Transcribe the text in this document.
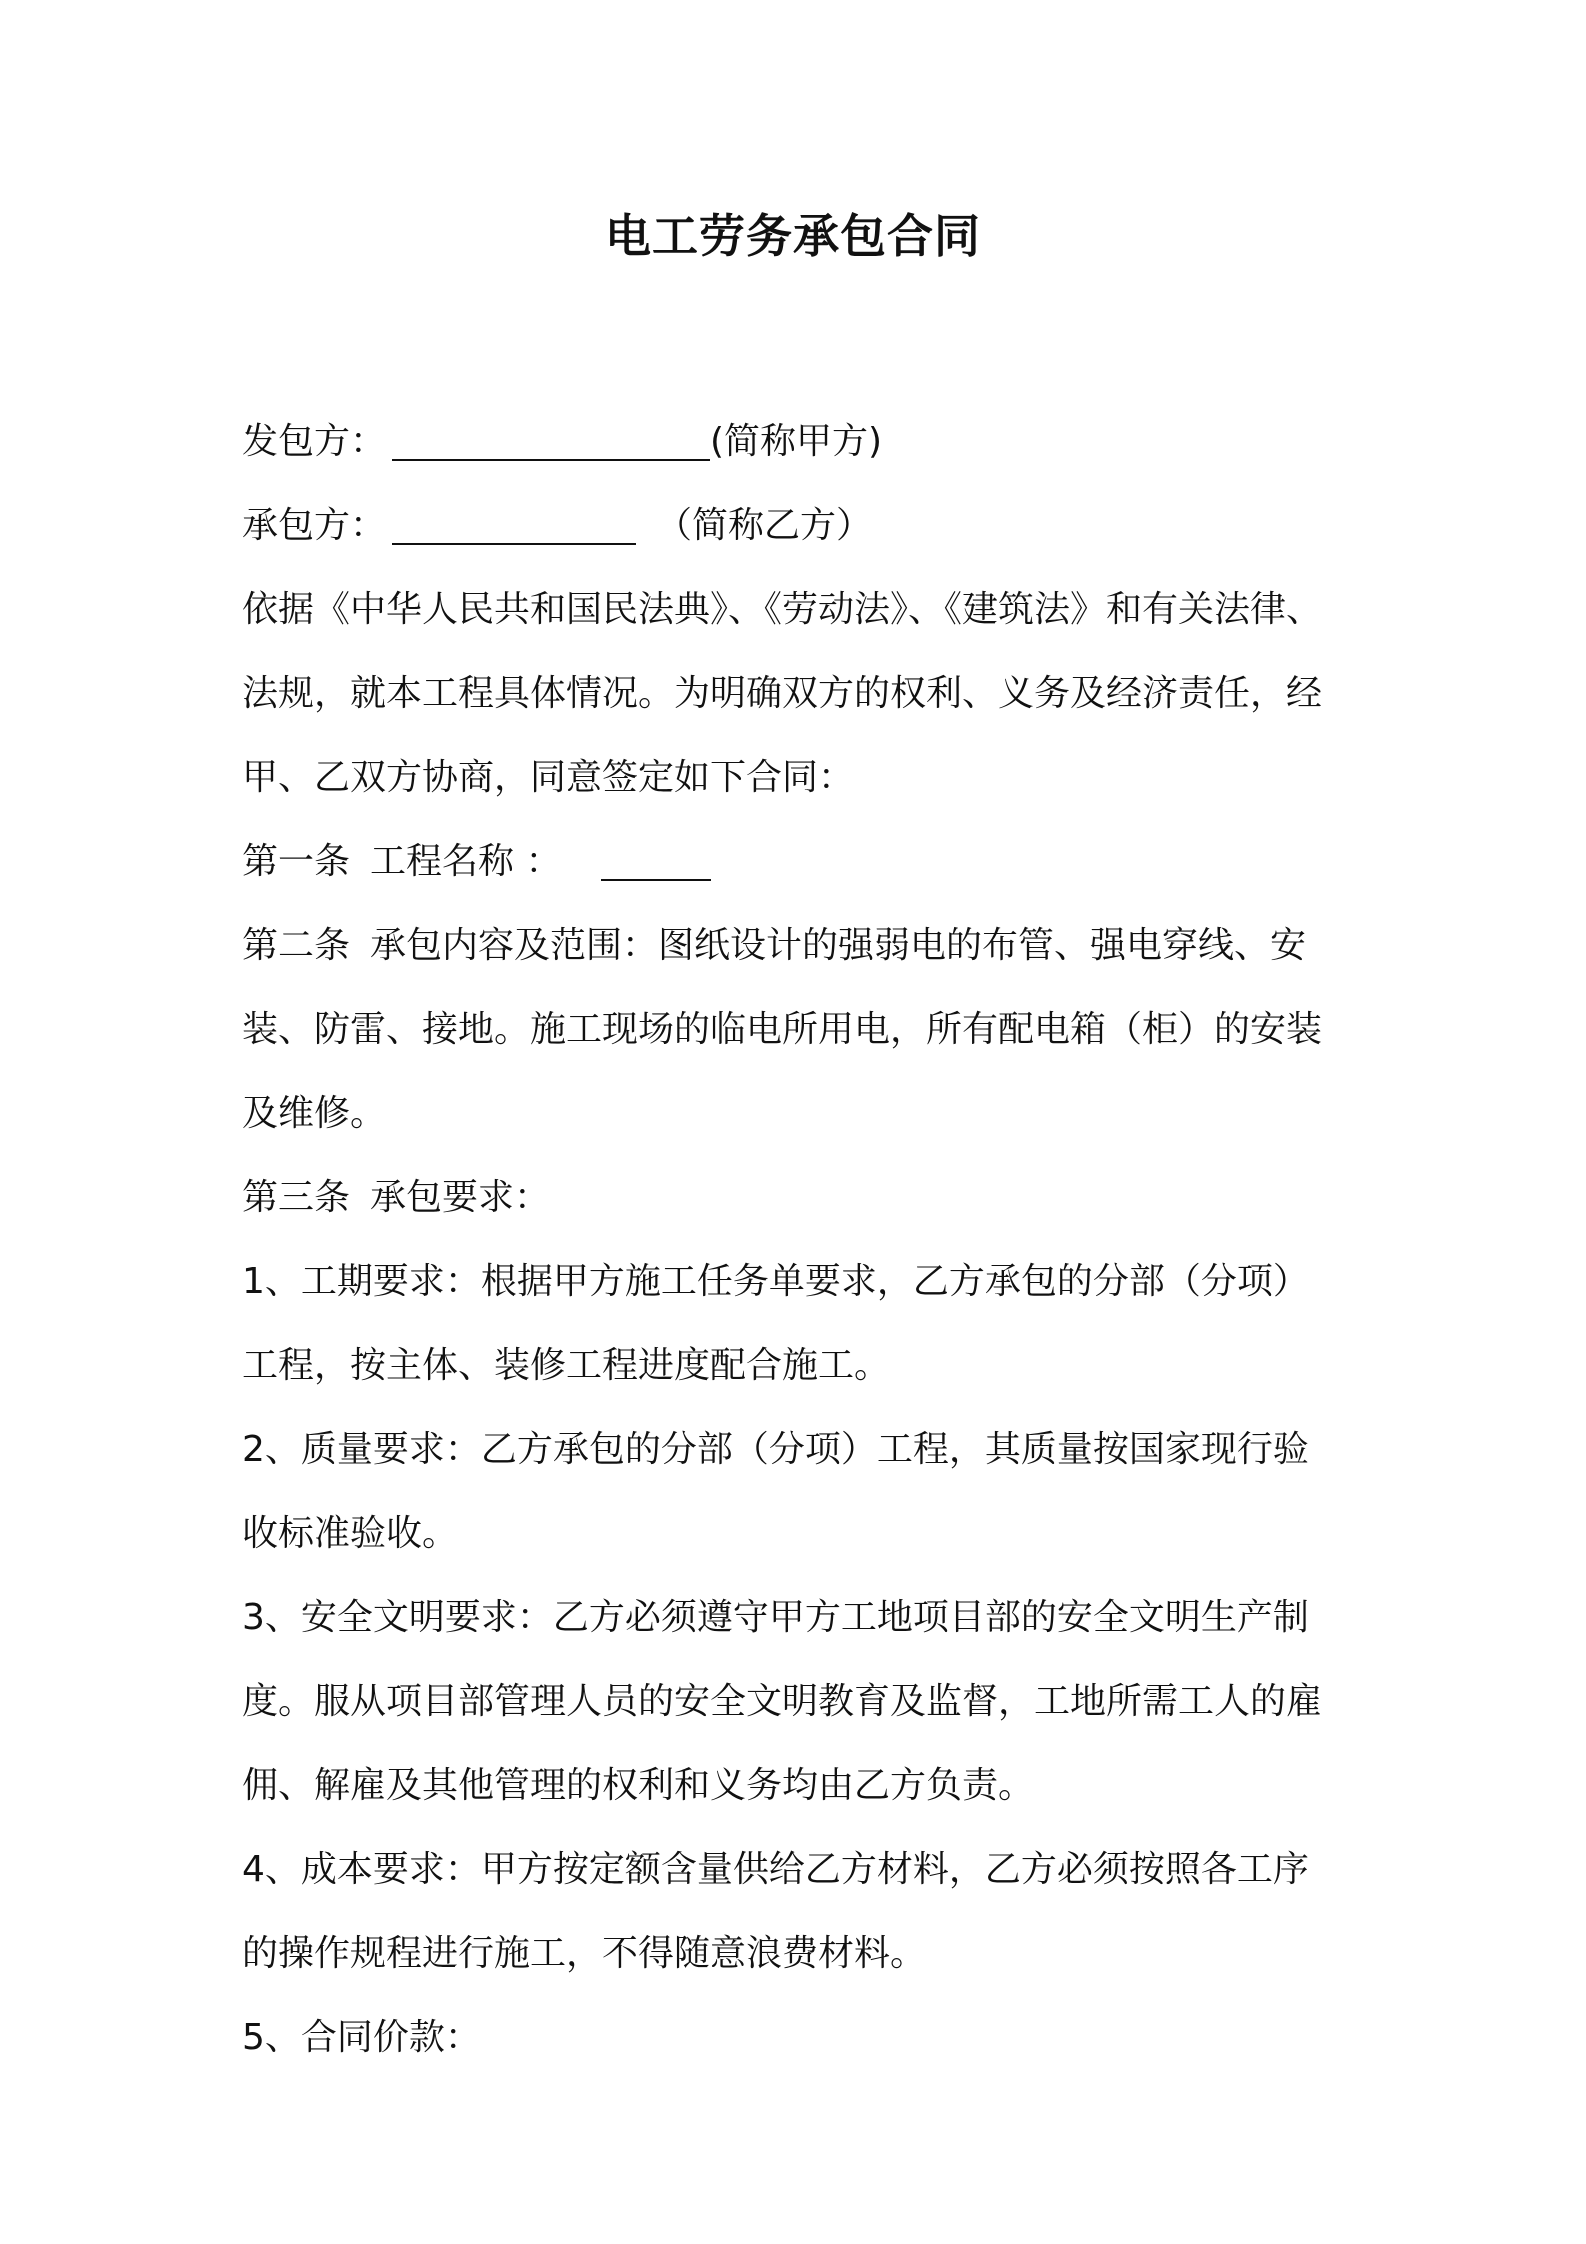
电工劳务承包合同
发包方：	(简称甲方)
承包方：	（简称乙方）
依据《中华人民共和国民法典》、《劳动法》、《建筑法》和有关法律、
法规，就本工程具体情况。为明确双方的权利、义务及经济责任，经
甲、乙双方协商，同意签定如下合同：
第一条 工程名称 ：
第二条 承包内容及范围：图纸设计的强弱电的布管、强电穿线、安
装、防雷、接地。施工现场的临电所用电，所有配电箱（柜）的安装
及维修。
第三条 承包要求：
1、工期要求：根据甲方施工任务单要求，乙方承包的分部（分项）
工程，按主体、装修工程进度配合施工。
2、质量要求：乙方承包的分部（分项）工程，其质量按国家现行验
收标准验收。
3、安全文明要求：乙方必须遵守甲方工地项目部的安全文明生产制
度。服从项目部管理人员的安全文明教育及监督，工地所需工人的雇
佣、解雇及其他管理的权利和义务均由乙方负责。
4、成本要求：甲方按定额含量供给乙方材料，乙方必须按照各工序
的操作规程进行施工，不得随意浪费材料。
5、合同价款：
